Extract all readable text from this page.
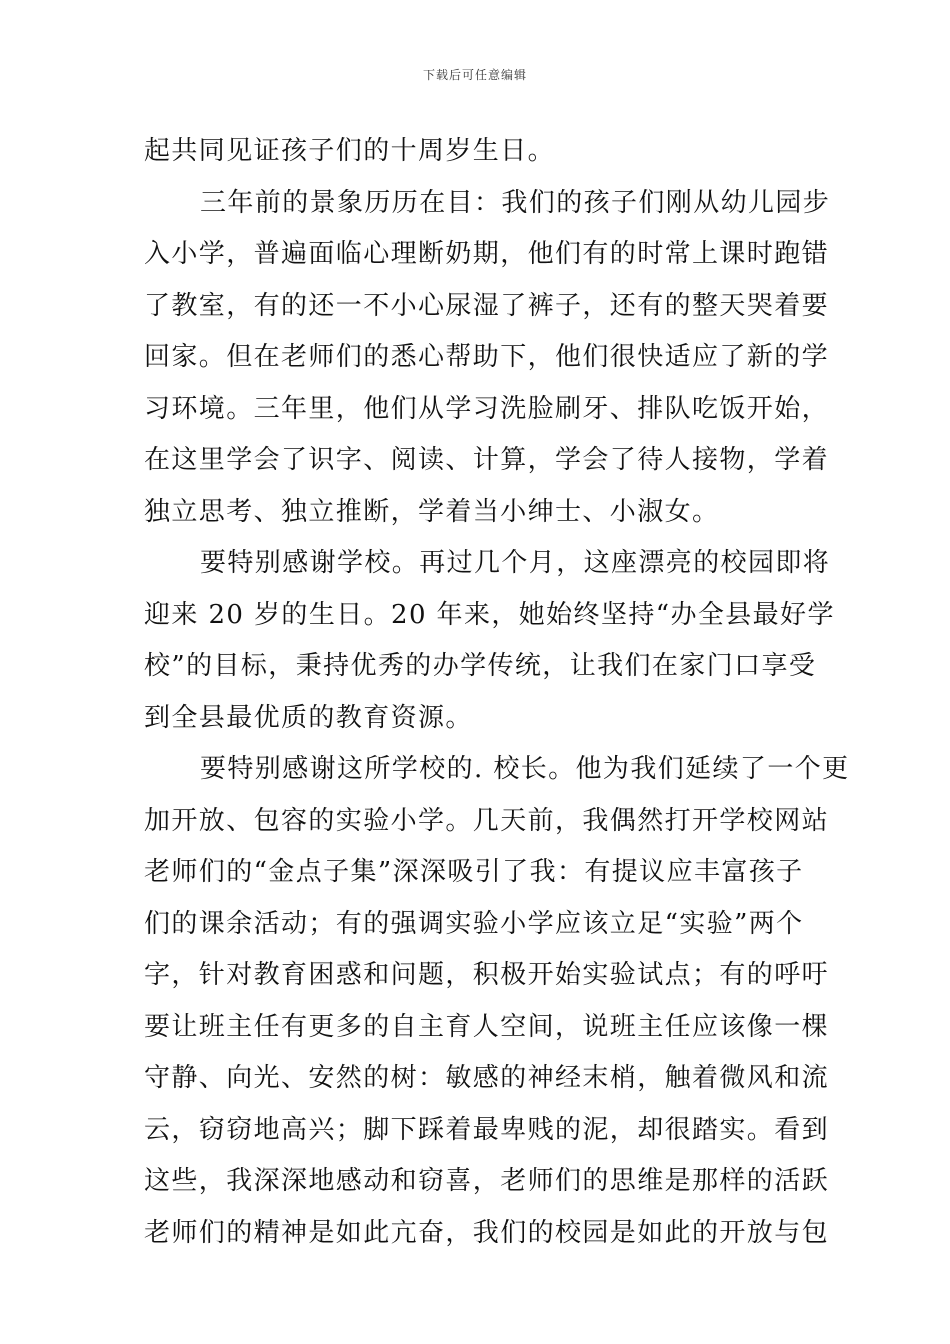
下载后可任意编辑
起共同见证孩子们的十周岁生日。
三年前的景象历历在目：我们的孩子们刚从幼儿园步
入小学，普遍面临心理断奶期，他们有的时常上课时跑错
了教室，有的还一不小心尿湿了裤子，还有的整天哭着要
回家。但在老师们的悉心帮助下，他们很快适应了新的学
习环境。三年里，他们从学习洗脸刷牙、排队吃饭开始，
在这里学会了识字、阅读、计算，学会了待人接物，学着
独立思考、独立推断，学着当小绅士、小淑女。
要特别感谢学校。再过几个月，这座漂亮的校园即将
迎来 20 岁的生日。20 年来，她始终坚持“办全县最好学
校”的目标，秉持优秀的办学传统，让我们在家门口享受
到全县最优质的教育资源。
要特别感谢这所学校的. 校长。他为我们延续了一个更
加开放、包容的实验小学。几天前，我偶然打开学校网站
老师们的“金点子集”深深吸引了我：有提议应丰富孩子
们的课余活动；有的强调实验小学应该立足“实验”两个
字，针对教育困惑和问题，积极开始实验试点；有的呼吁
要让班主任有更多的自主育人空间，说班主任应该像一棵
守静、向光、安然的树：敏感的神经末梢，触着微风和流
云，窃窃地高兴；脚下踩着最卑贱的泥，却很踏实。看到
这些，我深深地感动和窃喜，老师们的思维是那样的活跃
老师们的精神是如此亢奋，我们的校园是如此的开放与包
